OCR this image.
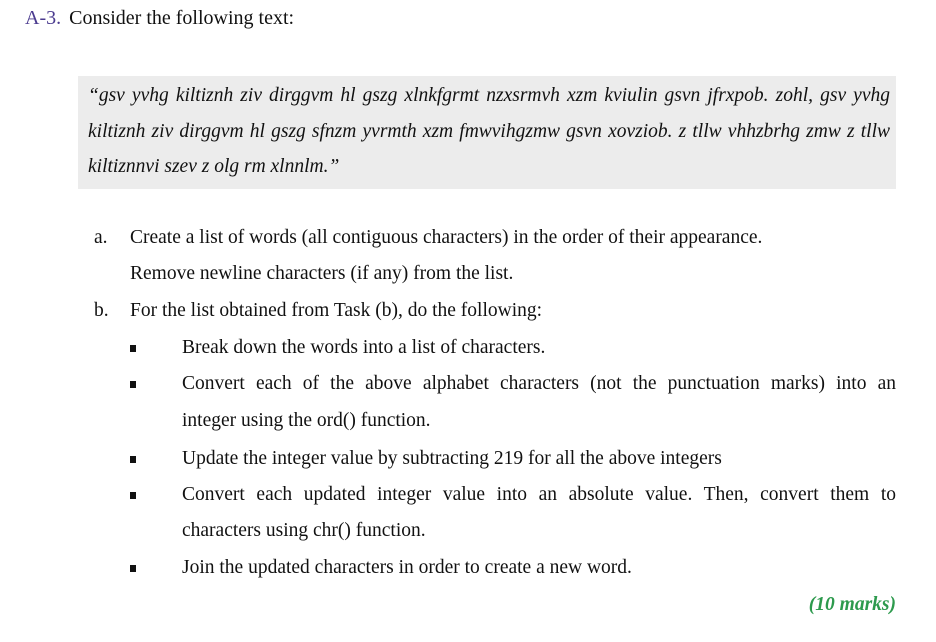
A-3. Consider the following text:

“gsv yvhg kiltiznh ziv dirggvm hl gszg xlnkfgrmt nzxsrmvh xzm kviulin gsvn jfrxpob. zohl, gsv yvhg kiltiznh ziv dirggvm hl gszg sfnzm yvrmth xzm fmwvihgzmw gsvn xovziob. z tllw vhhzbrhg zmw z tllw kiltiznnvi szev z olg rm xlnnlm.”

a. Create a list of words (all contiguous characters) in the order of their appearance.
Remove newline characters (if any) from the list.
b. For the list obtained from Task (b), do the following:
Break down the words into a list of characters.
Convert each of the above alphabet characters (not the punctuation marks) into an
integer using the ord() function.
Update the integer value by subtracting 219 for all the above integers
Convert each updated integer value into an absolute value. Then, convert them to
characters using chr() function.
Join the updated characters in order to create a new word.
(10 marks)
